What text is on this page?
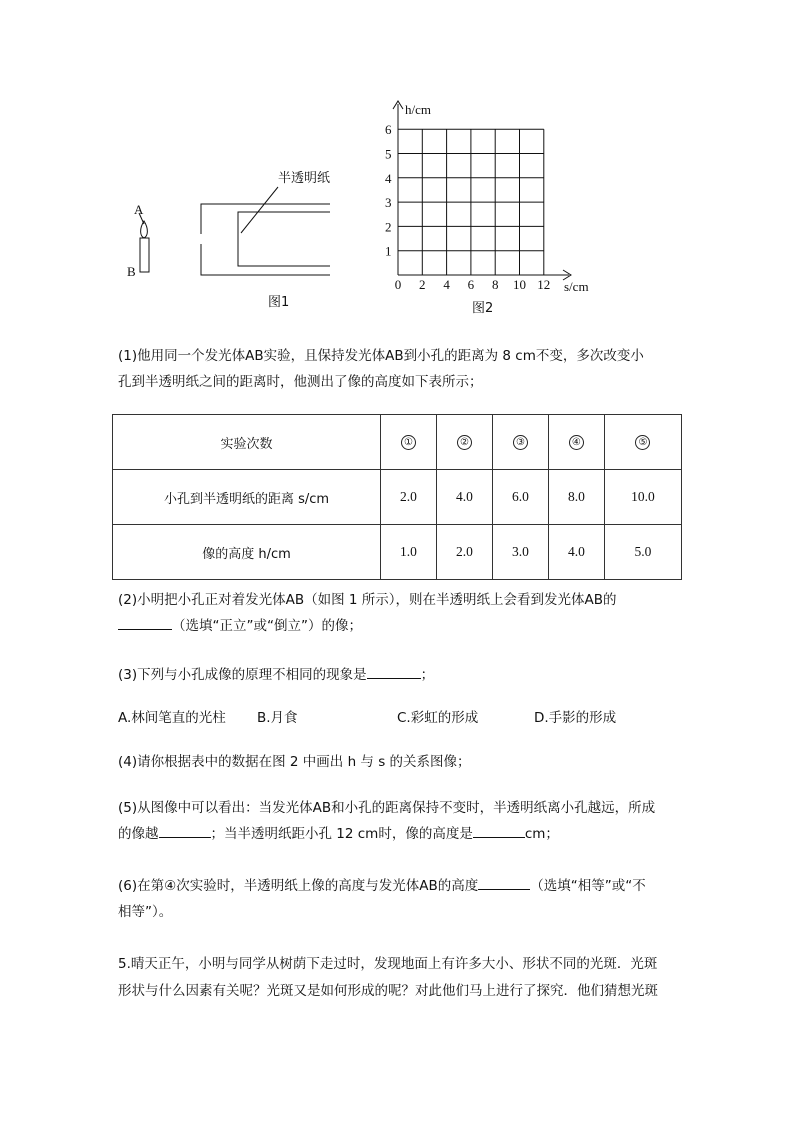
A
B
半透明纸
图1
h/cm
s/cm
1
2
3
4
5
6
0 2 4 6 8 10 12
图2

(1)他用同一个发光体AB实验，且保持发光体AB到小孔的距离为 8 cm不变，多次改变小

孔到半透明纸之间的距离时，他测出了像的高度如下表所示；

实验次数	①	②	③	④	⑤
小孔到半透明纸的距离 s/cm	2.0	4.0	6.0	8.0	10.0
像的高度 h/cm	1.0	2.0	3.0	4.0	5.0

(2)小明把小孔正对着发光体AB（如图 1 所示），则在半透明纸上会看到发光体AB的

（选填“正立”或“倒立”）的像；

(3)下列与小孔成像的原理不相同的现象是	；

A.林间笔直的光柱 B.月食	C.彩虹的形成	D.手影的形成

(4)请你根据表中的数据在图 2 中画出 h 与 s 的关系图像；

(5)从图像中可以看出：当发光体AB和小孔的距离保持不变时，半透明纸离小孔越远，所成

的像越	；当半透明纸距小孔 12 cm时，像的高度是	cm；

(6)在第④次实验时，半透明纸上像的高度与发光体AB的高度	（选填“相等”或“不

相等”）。

5.晴天正午，小明与同学从树荫下走过时，发现地面上有许多大小、形状不同的光斑．光斑

形状与什么因素有关呢？光斑又是如何形成的呢？对此他们马上进行了探究．他们猜想光斑
